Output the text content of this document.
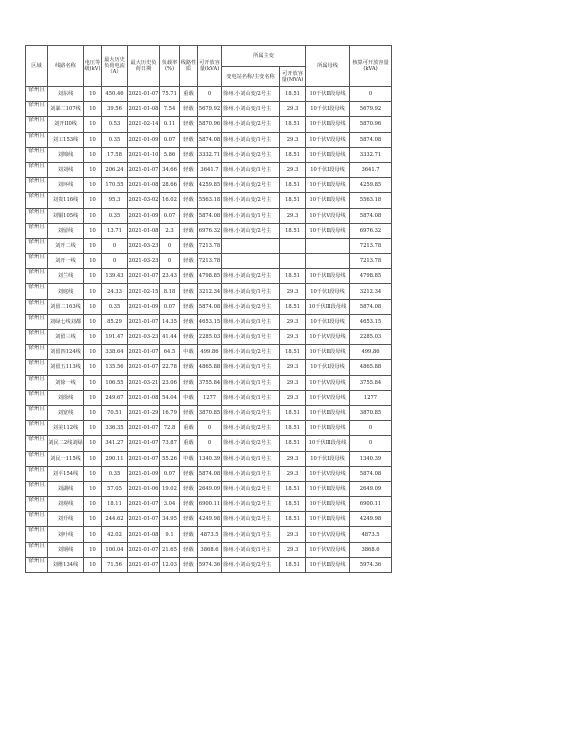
区域	线路名称	电压等级(kV)	最大历史负荷电流（A）	最大历史负荷日期	负载率(%)	线路性质	可开放容量(kVA)	所属主变		所属母线	核算可开放容量(kVA)
								变电站名称/主变名称	可开放容量(MVA)		
徐州且	刘东线	10	450.46	2021-01-07	75.71	重载	0	徐州.小刘山变/2号主	18.51	10千伏Ⅱ段母线	0
徐州且	刘暴二107线	10	39.56	2021-01-08	7.54	轻载	5679.92	徐州.小刘山变/1号主	29.3	10千伏Ⅰ段母线	5679.92
徐州且	刘开II0线	10	0.53	2021-02-14	0.11	轻载	5870.96	徐州.小刘山变/2号主	18.51	10千伏Ⅱ段母线	5870.96
徐州且	刘工153线	10	0.35	2021-01-09	0.07	轻载	5874.08	徐州.小刘山变/1号主	29.3	10千伏Ⅴ段母线	5874.08
徐州且	刘锦线	10	17.58	2021-01-10	5.86	轻载	3332.71	徐州.小刘山变/2号主	18.51	10千伏Ⅱ段母线	3332.71
徐州且	刘刘线	10	206.24	2021-01-07	34.66	轻载	3641.7	徐州.小刘山变/1号主	29.3	10千伏Ⅰ段母线	3641.7
徐州且	刘环线	10	170.55	2021-01-08	28.66	轻载	4259.85	徐州.小刘山变/2号主	18.51	10千伏Ⅱ段母线	4259.85
徐州且	刘贵116线	10	95.3	2021-03-02	16.02	轻载	5563.18	徐州.小刘山变/2号主	18.51	10千伏Ⅱ段母线	5563.18
徐州且	刘铜105线	10	0.35	2021-01-09	0.07	轻载	5874.08	徐州.小刘山变/1号主	29.3	10千伏Ⅴ段母线	5874.08
徐州且	刘留线	10	13.71	2021-01-08	2.3	轻载	6976.32	徐州.小刘山变/2号主	18.51	10千伏Ⅱ段母线	6976.32
徐州且	刘开二线	10	0	2021-03-23	0	轻载	7213.78				7213.78
徐州且	刘开一线	10	0	2021-03-23	0	轻载	7213.78				7213.78
徐州且	刘兰线	10	139.43	2021-01-07	23.43	轻载	4798.85	徐州.小刘山变/2号主	18.51	10千伏Ⅱ段母线	4798.85
徐州且	刘庭线	10	24.33	2021-02-15	8.18	轻载	3212.34	徐州.小刘山变/1号主	29.3	10千伏Ⅰ段母线	3212.34
徐州且	刘留二163线	10	0.35	2021-01-09	0.07	轻载	5874.08	徐州.小刘山变/2号主	18.51	10千伏Ⅲ段母线	5874.08
徐州且	刘绿七线刘都	10	85.29	2021-01-07	14.35	轻载	4653.15	徐州.小刘山变/1号主	29.3	10千伏Ⅰ段母线	4653.15
徐州且	刘留三线	10	191.47	2021-03-23	41.44	轻载	2285.03	徐州.小刘山变/1号主	29.3	10千伏Ⅴ段母线	2285.03
徐州且	刘留四124线	10	338.64	2021-01-07	64.5	中载	499.86	徐州.小刘山变/2号主	18.51	10千伏Ⅱ段母线	499.86
徐州且	刘留五113线	10	135.56	2021-01-07	22.78	轻载	4865.88	徐州.小刘山变/1号主	29.3	10千伏Ⅰ段母线	4865.88
徐州且	刘徐一线	10	106.55	2021-03-21	23.06	轻载	3755.84	徐州.小刘山变/1号主	29.3	10千伏Ⅴ段母线	3755.84
徐州且	刘徐线	10	249.67	2021-01-08	54.04	中载	1277	徐州.小刘山变/1号主	29.3	10千伏Ⅴ段母线	1277
徐州且	刘宽线	10	70.51	2021-01-29	16.79	轻载	3870.85	徐州.小刘山变/2号主	18.51	10千伏Ⅱ段母线	3870.85
徐州且	刘美112线	10	336.35	2021-01-07	72.8	重载	0	徐州.小刘山变/2号主	18.51	10千伏Ⅱ段母线	0
徐州且	刘民二2线刘绿	10	341.27	2021-01-07	73.87	重载	0	徐州.小刘山变/2号主	18.51	10千伏Ⅲ段母线	0
徐州且	刘民一115线	10	290.11	2021-01-07	55.26	中载	1340.39	徐州.小刘山变/1号主	29.3	10千伏Ⅰ段母线	1340.39
徐州且	刘平154线	10	0.35	2021-01-09	0.07	轻载	5874.08	徐州.小刘山变/1号主	29.3	10千伏Ⅴ段母线	5874.08
徐州且	刘湖线	10	57.05	2021-01-06	19.02	轻载	2649.09	徐州.小刘山变/2号主	18.51	10千伏Ⅱ段母线	2649.09
徐州且	刘观线	10	18.11	2021-01-07	3.04	轻载	6900.11	徐州.小刘山变/2号主	18.51	10千伏Ⅱ段母线	6900.11
徐州且	刘升线	10	244.62	2021-01-07	34.95	轻载	4249.98	徐州.小刘山变/2号主	18.51	10千伏Ⅱ段母线	4249.98
徐州且	刘叶线	10	42.02	2021-01-08	9.1	轻载	4873.5	徐州.小刘山变/1号主	29.3	10千伏Ⅴ段母线	4873.5
徐州且	刘钢线	10	100.04	2021-01-07	21.65	轻载	3868.6	徐州.小刘山变/1号主	29.3	10千伏Ⅴ段母线	3868.6
徐州且	刘维134线	10	71.56	2021-01-07	12.03	轻载	5974.36	徐州.小刘山变/2号主	18.51	10千伏Ⅱ段母线	5974.36
